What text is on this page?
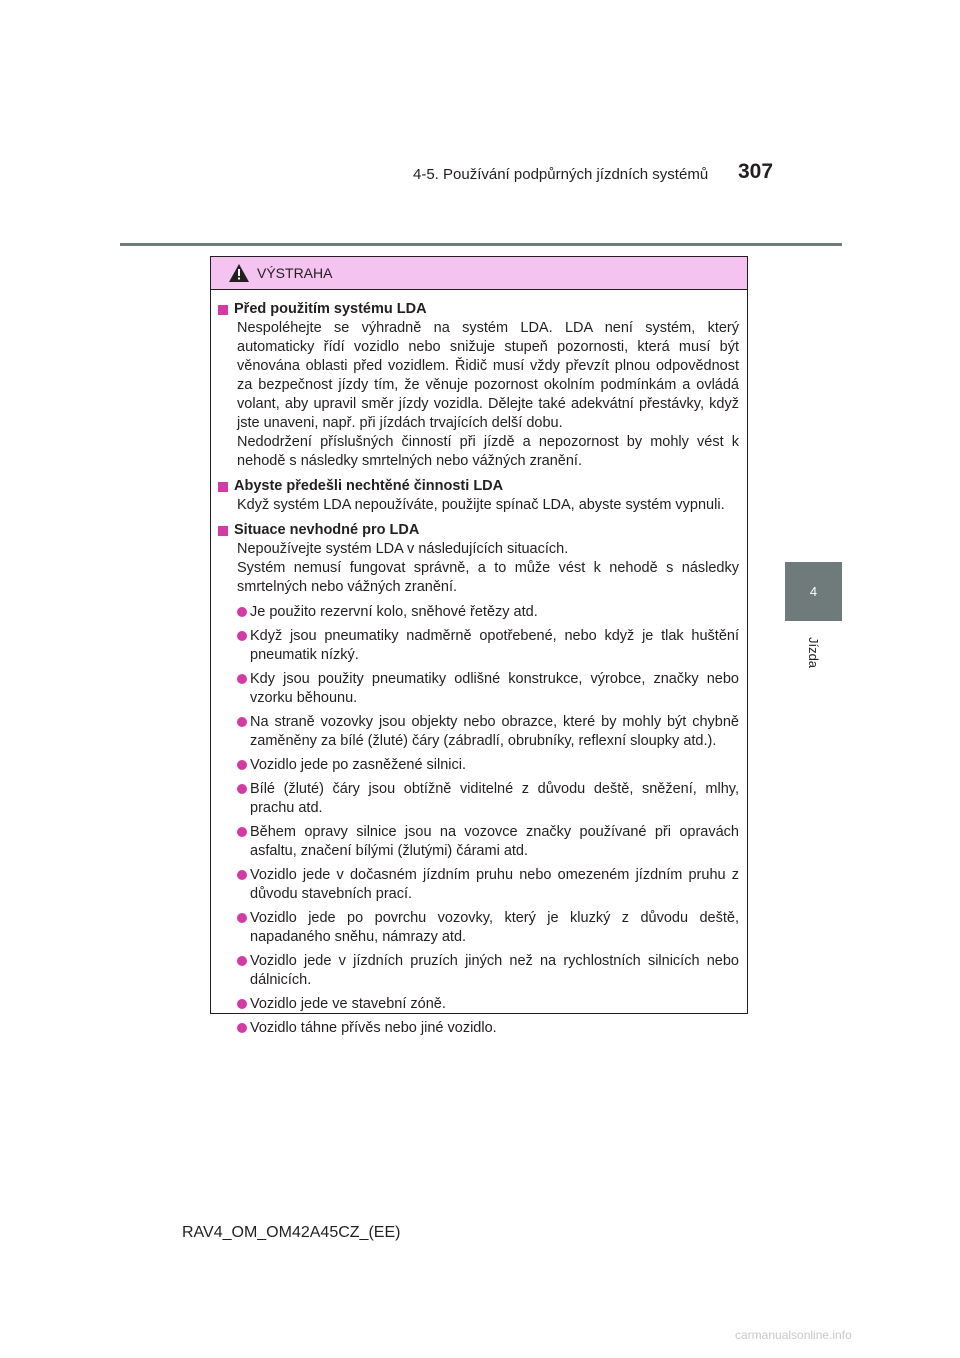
4-5. Používání podpůrných jízdních systémů 307
4
Jízda
VÝSTRAHA
Před použitím systému LDA
Nespoléhejte se výhradně na systém LDA. LDA není systém, který automaticky řídí vozidlo nebo snižuje stupeň pozornosti, která musí být věnována oblasti před vozidlem. Řidič musí vždy převzít plnou odpovědnost za bezpečnost jízdy tím, že věnuje pozornost okolním podmínkám a ovládá volant, aby upravil směr jízdy vozidla. Dělejte také adekvátní přestávky, když jste unaveni, např. při jízdách trvajících delší dobu.
Nedodržení příslušných činností při jízdě a nepozornost by mohly vést k nehodě s následky smrtelných nebo vážných zranění.
Abyste předešli nechtěné činnosti LDA
Když systém LDA nepoužíváte, použijte spínač LDA, abyste systém vypnuli.
Situace nevhodné pro LDA
Nepoužívejte systém LDA v následujících situacích.
Systém nemusí fungovat správně, a to může vést k nehodě s následky smrtelných nebo vážných zranění.
Je použito rezervní kolo, sněhové řetězy atd.
Když jsou pneumatiky nadměrně opotřebené, nebo když je tlak huštění pneumatik nízký.
Kdy jsou použity pneumatiky odlišné konstrukce, výrobce, značky nebo vzorku běhounu.
Na straně vozovky jsou objekty nebo obrazce, které by mohly být chybně zaměněny za bílé (žluté) čáry (zábradlí, obrubníky, reflexní sloupky atd.).
Vozidlo jede po zasněžené silnici.
Bílé (žluté) čáry jsou obtížně viditelné z důvodu deště, sněžení, mlhy, prachu atd.
Během opravy silnice jsou na vozovce značky používané při opravách asfaltu, značení bílými (žlutými) čárami atd.
Vozidlo jede v dočasném jízdním pruhu nebo omezeném jízdním pruhu z důvodu stavebních prací.
Vozidlo jede po povrchu vozovky, který je kluzký z důvodu deště, napadaného sněhu, námrazy atd.
Vozidlo jede v jízdních pruzích jiných než na rychlostních silnicích nebo dálnicích.
Vozidlo jede ve stavební zóně.
Vozidlo táhne přívěs nebo jiné vozidlo.
RAV4_OM_OM42A45CZ_(EE)
carmanualsonline.info
